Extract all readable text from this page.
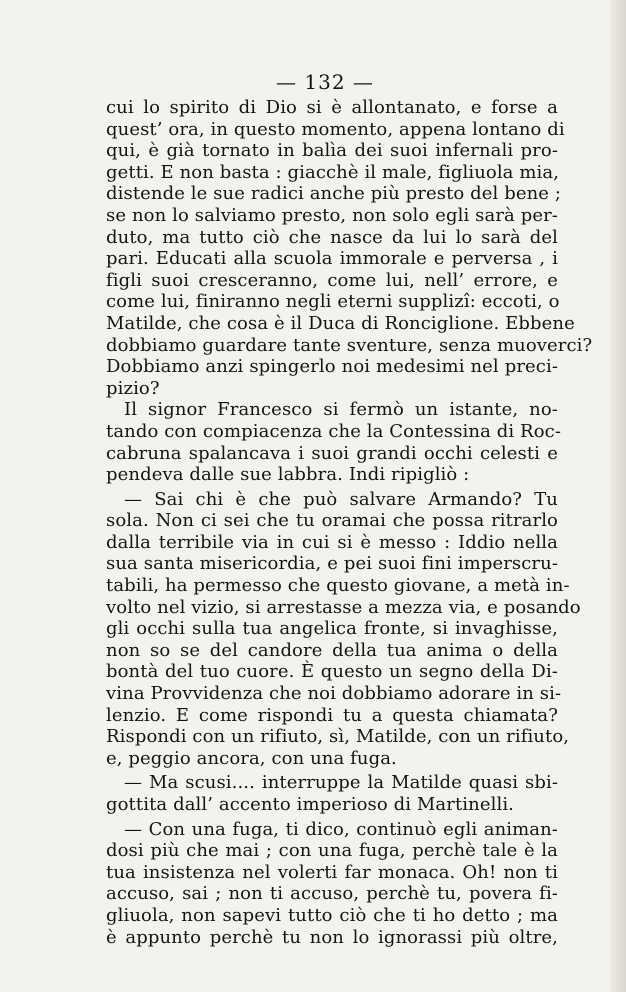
— 132 —
cui lo spirito di Dio si è allontanato, e forse a
quest’ ora, in questo momento, appena lontano di
qui, è già tornato in balìa dei suoi infernali pro-
getti. E non basta : giacchè il male, figliuola mia,
distende le sue radici anche più presto del bene ;
se non lo salviamo presto, non solo egli sarà per-
duto, ma tutto ciò che nasce da lui lo sarà del
pari. Educati alla scuola immorale e perversa , i
figli suoi cresceranno, come lui, nell’ errore, e
come lui, finiranno negli eterni supplizî: eccoti, o
Matilde, che cosa è il Duca di Ronciglione. Ebbene
dobbiamo guardare tante sventure, senza muoverci?
Dobbiamo anzi spingerlo noi medesimi nel preci-
pizio?
Il signor Francesco si fermò un istante, no-
tando con compiacenza che la Contessina di Roc-
cabruna spalancava i suoi grandi occhi celesti e
pendeva dalle sue labbra. Indi ripigliò :
— Sai chi è che può salvare Armando? Tu
sola. Non ci sei che tu oramai che possa ritrarlo
dalla terribile via in cui si è messo : Iddio nella
sua santa misericordia, e pei suoi fini imperscru-
tabili, ha permesso che questo giovane, a metà in-
volto nel vizio, si arrestasse a mezza via, e posando
gli occhi sulla tua angelica fronte, si invaghisse,
non so se del candore della tua anima o della
bontà del tuo cuore. È questo un segno della Di-
vina Provvidenza che noi dobbiamo adorare in si-
lenzio. E come rispondi tu a questa chiamata?
Rispondi con un rifiuto, sì, Matilde, con un rifiuto,
e, peggio ancora, con una fuga.
— Ma scusi.... interruppe la Matilde quasi sbi-
gottita dall’ accento imperioso di Martinelli.
— Con una fuga, ti dico, continuò egli animan-
dosi più che mai ; con una fuga, perchè tale è la
tua insistenza nel volerti far monaca. Oh! non ti
accuso, sai ; non ti accuso, perchè tu, povera fi-
gliuola, non sapevi tutto ciò che ti ho detto ; ma
è appunto perchè tu non lo ignorassi più oltre,
